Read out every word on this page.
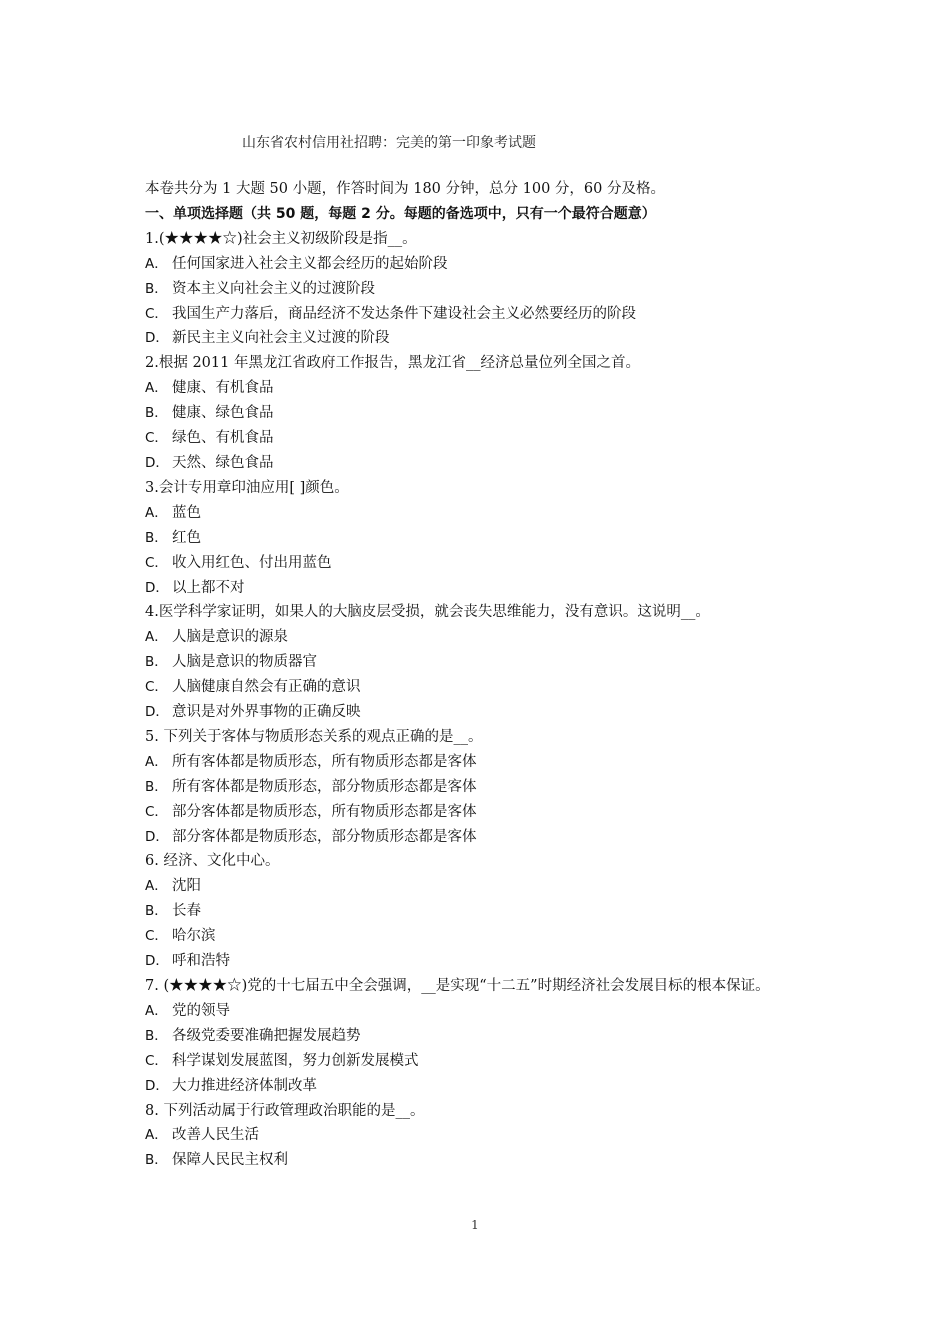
山东省农村信用社招聘：完美的第一印象考试题
本卷共分为 1 大题 50 小题，作答时间为 180 分钟，总分 100 分，60 分及格。
一、单项选择题（共 50 题，每题 2 分。每题的备选项中，只有一个最符合题意）
1.(★★★★☆)社会主义初级阶段是指__。
A． 任何国家进入社会主义都会经历的起始阶段
B． 资本主义向社会主义的过渡阶段
C． 我国生产力落后，商品经济不发达条件下建设社会主义必然要经历的阶段
D． 新民主主义向社会主义过渡的阶段
2.根据 2011 年黑龙江省政府工作报告，黑龙江省__经济总量位列全国之首。
A． 健康、有机食品
B． 健康、绿色食品
C． 绿色、有机食品
D． 天然、绿色食品
3.会计专用章印油应用[ ]颜色。
A． 蓝色
B． 红色
C． 收入用红色、付出用蓝色
D． 以上都不对
4.医学科学家证明，如果人的大脑皮层受损，就会丧失思维能力，没有意识。这说明__。
A． 人脑是意识的源泉
B． 人脑是意识的物质器官
C． 人脑健康自然会有正确的意识
D． 意识是对外界事物的正确反映
5. 下列关于客体与物质形态关系的观点正确的是__。
A． 所有客体都是物质形态，所有物质形态都是客体
B． 所有客体都是物质形态，部分物质形态都是客体
C． 部分客体都是物质形态，所有物质形态都是客体
D． 部分客体都是物质形态，部分物质形态都是客体
6. 经济、文化中心。
A． 沈阳
B． 长春
C． 哈尔滨
D． 呼和浩特
7. (★★★★☆)党的十七届五中全会强调，__是实现“十二五”时期经济社会发展目标的根本保证。
A． 党的领导
B． 各级党委要准确把握发展趋势
C． 科学谋划发展蓝图，努力创新发展模式
D． 大力推进经济体制改革
8. 下列活动属于行政管理政治职能的是__。
A． 改善人民生活
B． 保障人民民主权利
1
